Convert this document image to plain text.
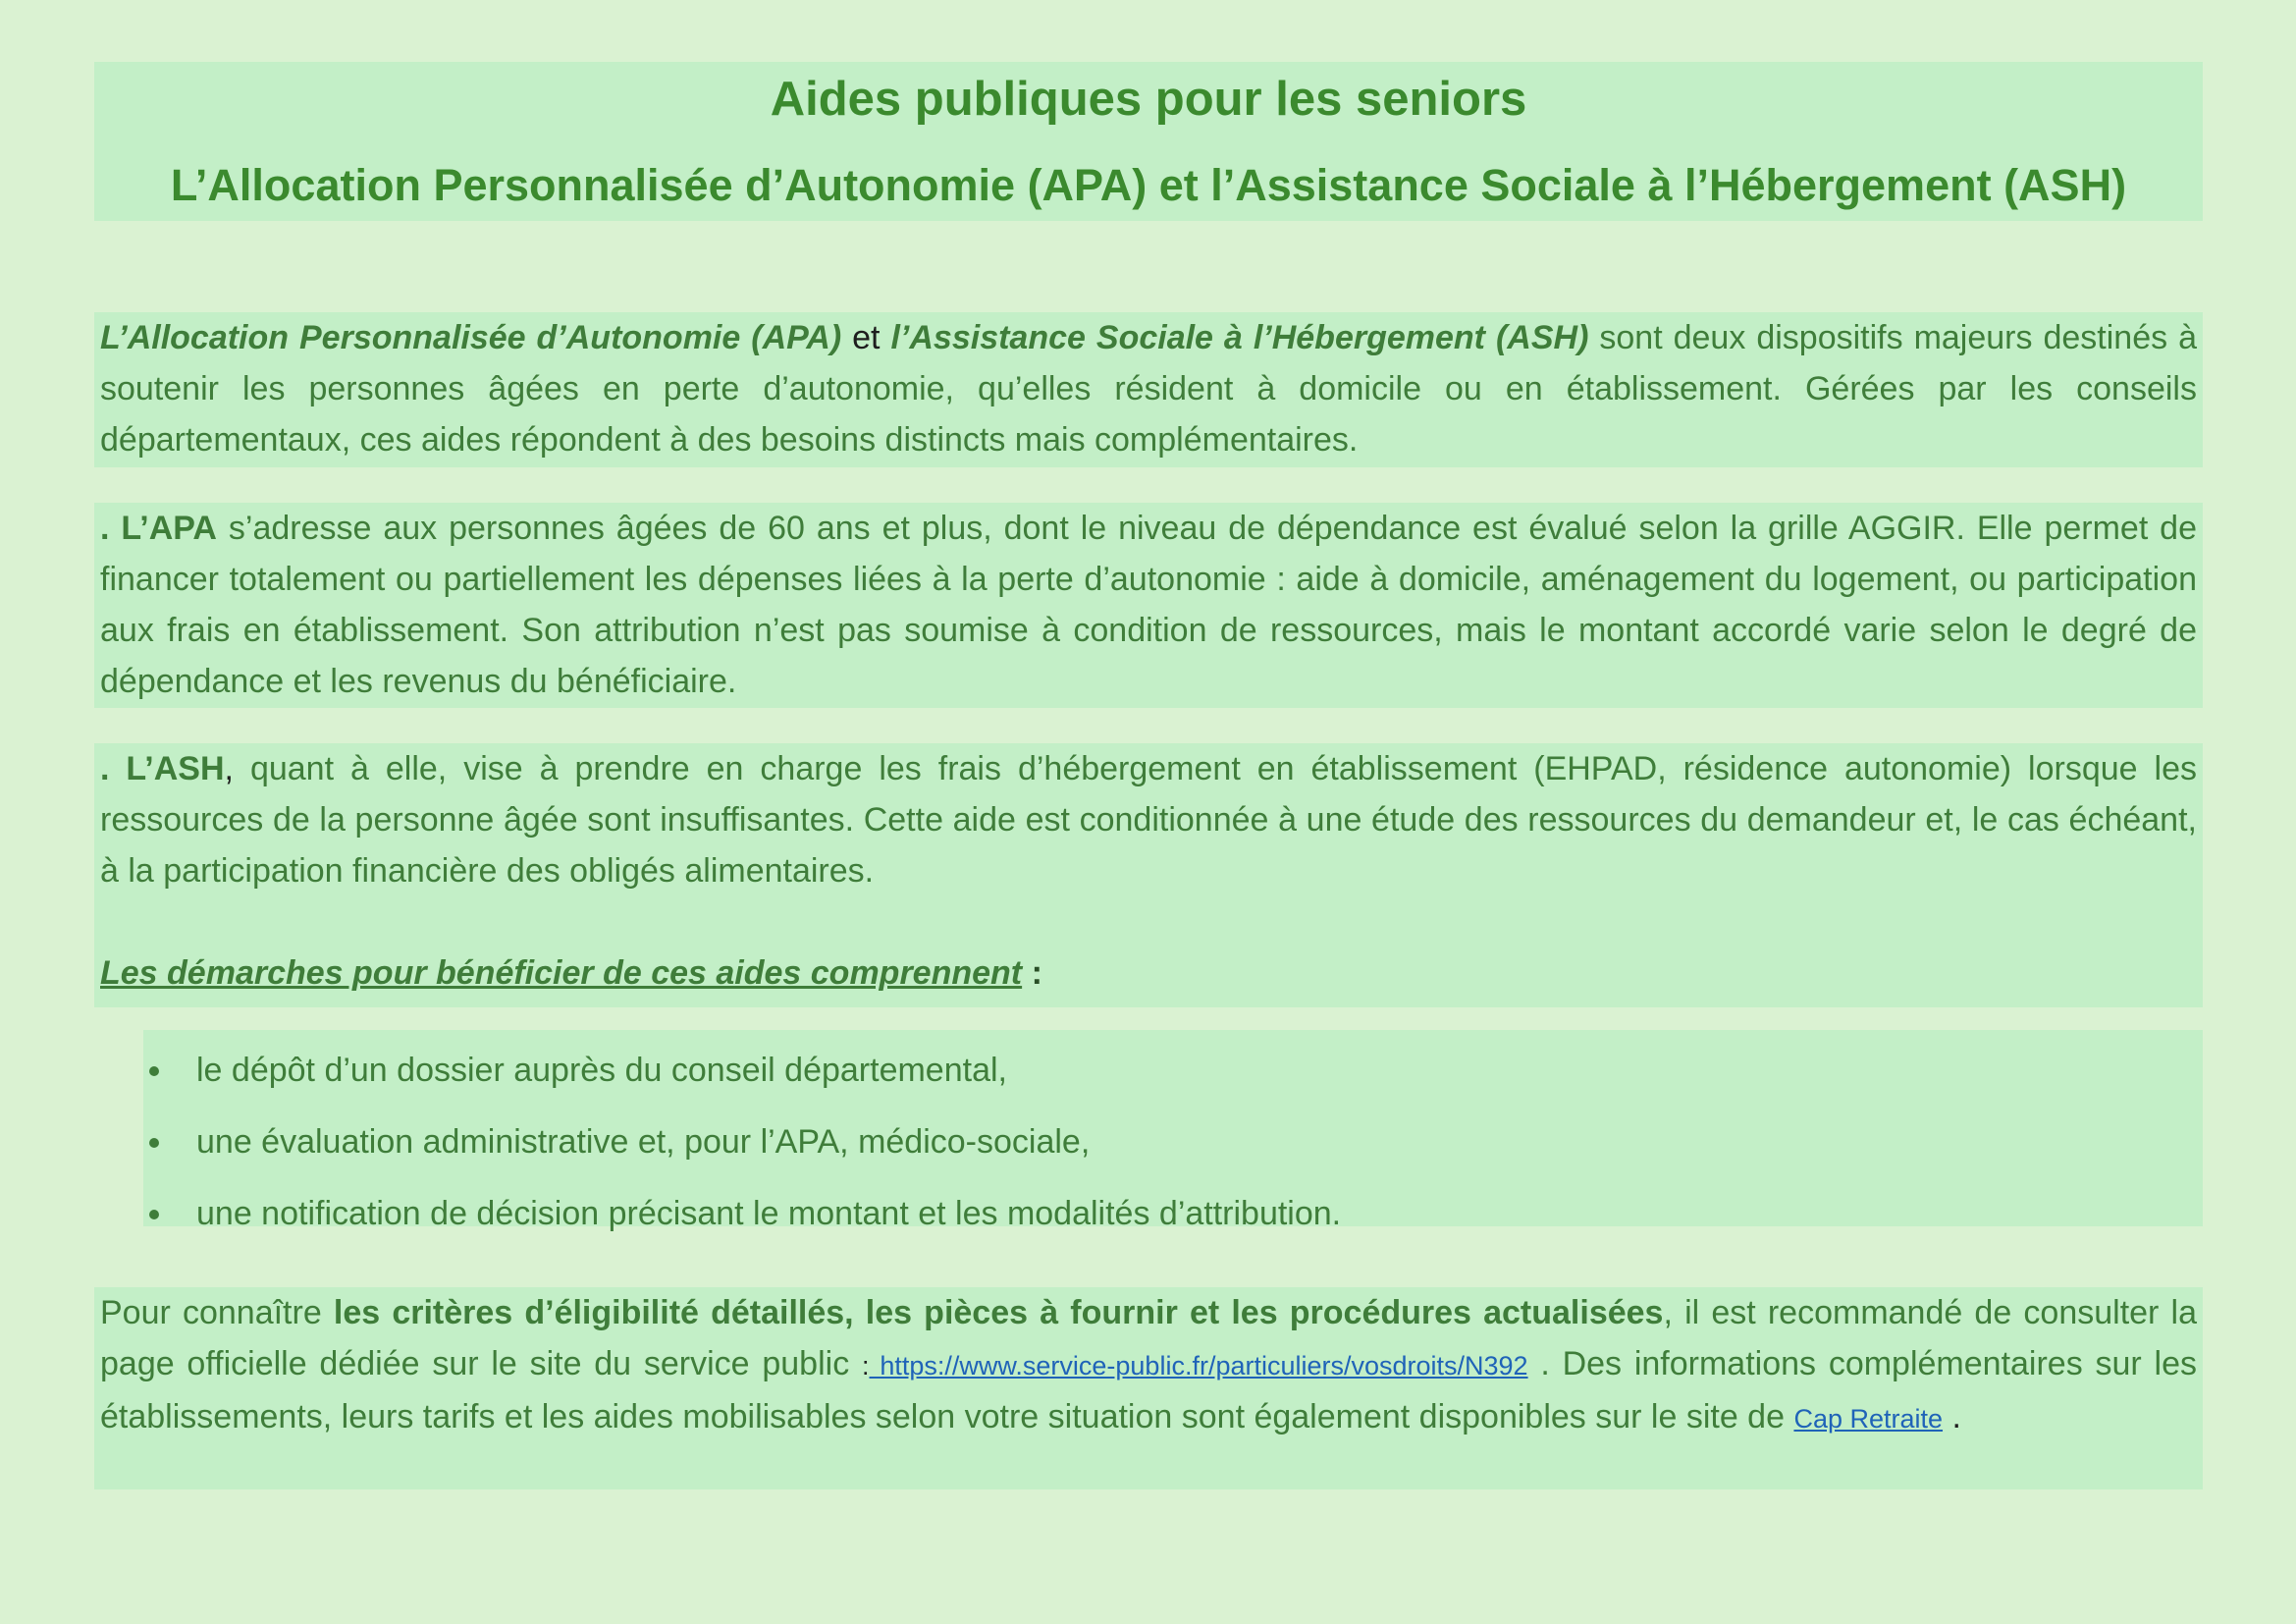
Aides publiques pour les seniors
L’Allocation Personnalisée d’Autonomie (APA) et l’Assistance Sociale à l’Hébergement (ASH)
L’Allocation Personnalisée d’Autonomie (APA) et l’Assistance Sociale à l’Hébergement (ASH) sont deux dispositifs majeurs destinés à soutenir les personnes âgées en perte d’autonomie, qu’elles résident à domicile ou en établissement. Gérées par les conseils départementaux, ces aides répondent à des besoins distincts mais complémentaires.
. L’APA s’adresse aux personnes âgées de 60 ans et plus, dont le niveau de dépendance est évalué selon la grille AGGIR. Elle permet de financer totalement ou partiellement les dépenses liées à la perte d’autonomie : aide à domicile, aménagement du logement, ou participation aux frais en établissement. Son attribution n’est pas soumise à condition de ressources, mais le montant accordé varie selon le degré de dépendance et les revenus du bénéficiaire.
. L’ASH, quant à elle, vise à prendre en charge les frais d’hébergement en établissement (EHPAD, résidence autonomie) lorsque les ressources de la personne âgée sont insuffisantes. Cette aide est conditionnée à une étude des ressources du demandeur et, le cas échéant, à la participation financière des obligés alimentaires.
Les démarches pour bénéficier de ces aides comprennent :
le dépôt d’un dossier auprès du conseil départemental,
une évaluation administrative et, pour l’APA, médico-sociale,
une notification de décision précisant le montant et les modalités d’attribution.
Pour connaître les critères d’éligibilité détaillés, les pièces à fournir et les procédures actualisées, il est recommandé de consulter la page officielle dédiée sur le site du service public : https://www.service-public.fr/particuliers/vosdroits/N392 . Des informations complémentaires sur les établissements, leurs tarifs et les aides mobilisables selon votre situation sont également disponibles sur le site de Cap Retraite .
